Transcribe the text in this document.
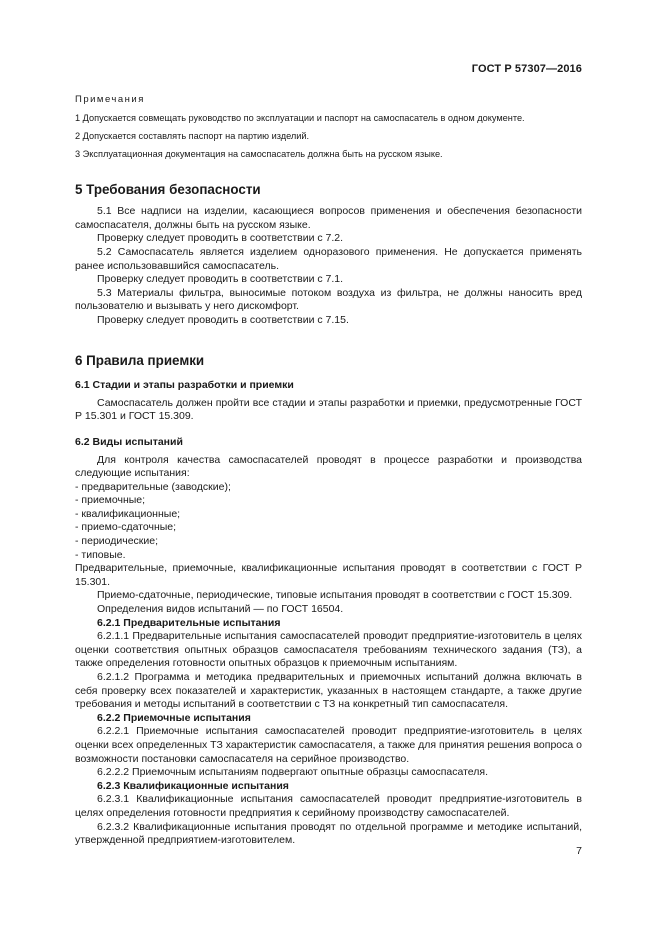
ГОСТ Р 57307—2016
Примечания

1 Допускается совмещать руководство по эксплуатации и паспорт на самоспасатель в одном документе.

2 Допускается составлять паспорт на партию изделий.

3 Эксплуатационная документация на самоспасатель должна быть на русском языке.

5 Требования безопасности

5.1 Все надписи на изделии, касающиеся вопросов применения и обеспечения безопасности самоспасателя, должны быть на русском языке.

Проверку следует проводить в соответствии с 7.2.

5.2 Самоспасатель является изделием одноразового применения. Не допускается применять ранее использовавшийся самоспасатель.

Проверку следует проводить в соответствии с 7.1.

5.3 Материалы фильтра, выносимые потоком воздуха из фильтра, не должны наносить вред пользователю и вызывать у него дискомфорт.

Проверку следует проводить в соответствии с 7.15.

6 Правила приемки
6.1 Стадии и этапы разработки и приемки

Самоспасатель должен пройти все стадии и этапы разработки и приемки, предусмотренные ГОСТ Р 15.301 и ГОСТ 15.309.

6.2 Виды испытаний

Для контроля качества самоспасателей проводят в процессе разработки и производства следующие испытания:

- предварительные (заводские);

- приемочные;

- квалификационные;

- приемо-сдаточные;

- периодические;

- типовые.

Предварительные, приемочные, квалификационные испытания проводят в соответствии с ГОСТ Р 15.301.

Приемо-сдаточные, периодические, типовые испытания проводят в соответствии с ГОСТ 15.309.

Определения видов испытаний — по ГОСТ 16504.

6.2.1 Предварительные испытания

6.2.1.1 Предварительные испытания самоспасателей проводит предприятие-изготовитель в целях оценки соответствия опытных образцов самоспасателя требованиям технического задания (ТЗ), а также определения готовности опытных образцов к приемочным испытаниям.

6.2.1.2 Программа и методика предварительных и приемочных испытаний должна включать в себя проверку всех показателей и характеристик, указанных в настоящем стандарте, а также другие требования и методы испытаний в соответствии с ТЗ на конкретный тип самоспасателя.

6.2.2 Приемочные испытания

6.2.2.1 Приемочные испытания самоспасателей проводит предприятие-изготовитель в целях оценки всех определенных ТЗ характеристик самоспасателя, а также для принятия решения вопроса о возможности постановки самоспасателя на серийное производство.

6.2.2.2 Приемочным испытаниям подвергают опытные образцы самоспасателя.

6.2.3 Квалификационные испытания

6.2.3.1 Квалификационные испытания самоспасателей проводит предприятие-изготовитель в целях определения готовности предприятия к серийному производству самоспасателей.

6.2.3.2 Квалификационные испытания проводят по отдельной программе и методике испытаний, утвержденной предприятием-изготовителем.

7
